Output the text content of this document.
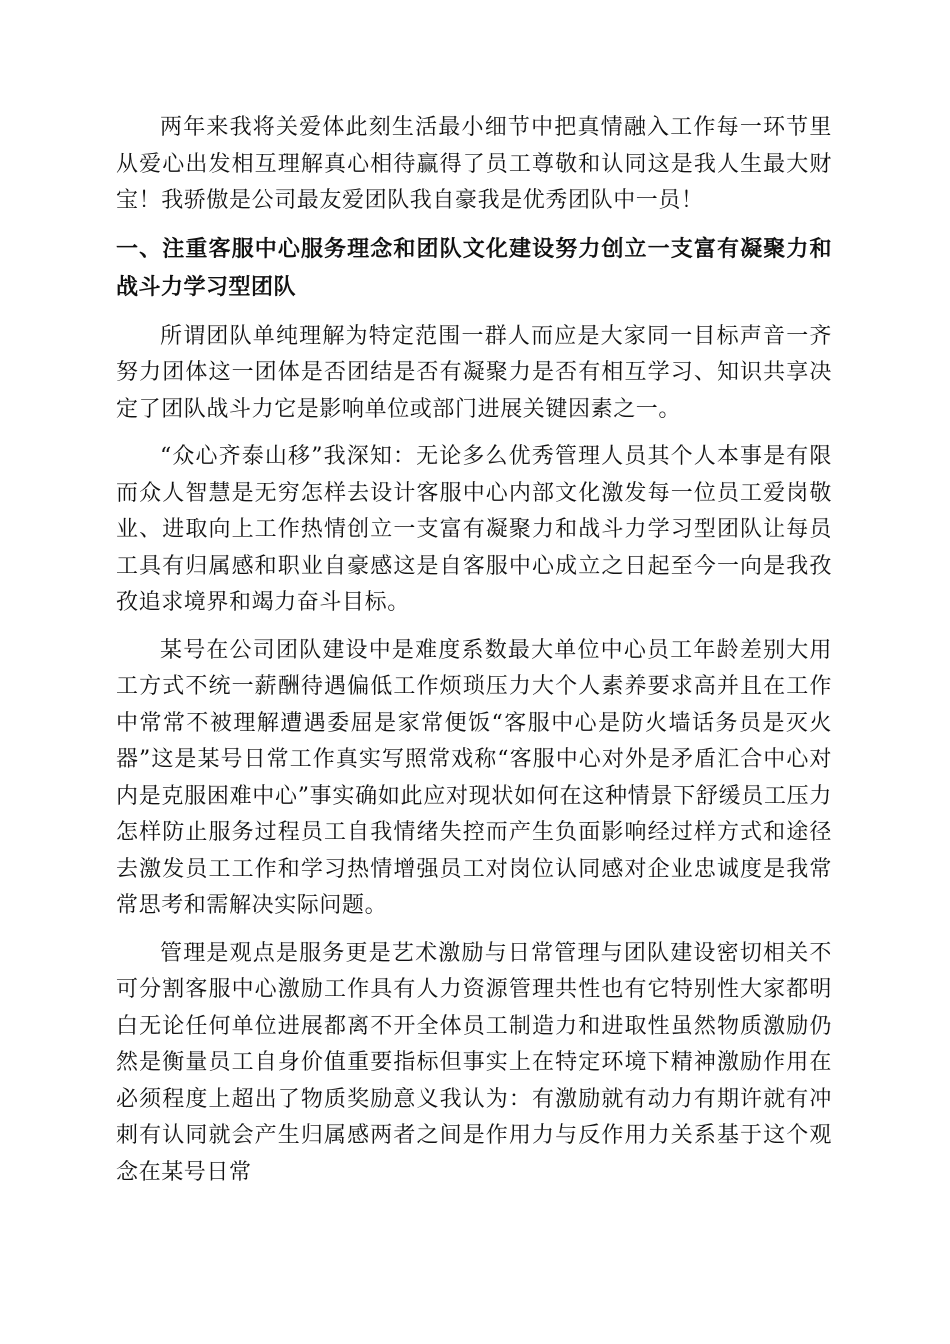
两年来我将关爱体此刻生活最小细节中把真情融入工作每一环节里从爱心出发相互理解真心相待赢得了员工尊敬和认同这是我人生最大财宝！我骄傲是公司最友爱团队我自豪我是优秀团队中一员！

一、注重客服中心服务理念和团队文化建设努力创立一支富有凝聚力和战斗力学习型团队

所谓团队单纯理解为特定范围一群人而应是大家同一目标声音一齐努力团体这一团体是否团结是否有凝聚力是否有相互学习、知识共享决定了团队战斗力它是影响单位或部门进展关键因素之一。

“众心齐泰山移”我深知：无论多么优秀管理人员其个人本事是有限而众人智慧是无穷怎样去设计客服中心内部文化激发每一位员工爱岗敬业、进取向上工作热情创立一支富有凝聚力和战斗力学习型团队让每员工具有归属感和职业自豪感这是自客服中心成立之日起至今一向是我孜孜追求境界和竭力奋斗目标。

某号在公司团队建设中是难度系数最大单位中心员工年龄差别大用工方式不统一薪酬待遇偏低工作烦琐压力大个人素养要求高并且在工作中常常不被理解遭遇委屈是家常便饭“客服中心是防火墙话务员是灭火器”这是某号日常工作真实写照常戏称“客服中心对外是矛盾汇合中心对内是克服困难中心”事实确如此应对现状如何在这种情景下舒缓员工压力怎样防止服务过程员工自我情绪失控而产生负面影响经过样方式和途径去激发员工工作和学习热情增强员工对岗位认同感对企业忠诚度是我常常思考和需解决实际问题。

管理是观点是服务更是艺术激励与日常管理与团队建设密切相关不可分割客服中心激励工作具有人力资源管理共性也有它特别性大家都明白无论任何单位进展都离不开全体员工制造力和进取性虽然物质激励仍然是衡量员工自身价值重要指标但事实上在特定环境下精神激励作用在必须程度上超出了物质奖励意义我认为：有激励就有动力有期许就有冲刺有认同就会产生归属感两者之间是作用力与反作用力关系基于这个观念在某号日常
